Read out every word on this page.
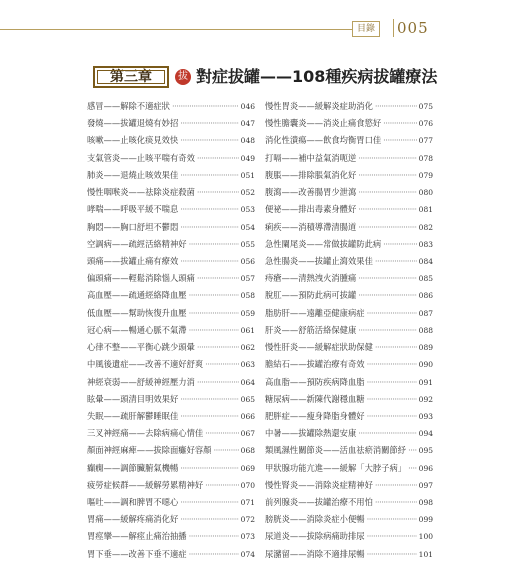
目錄	005
第三章	拔 對症拔罐——108種疾病拔罐療法
感冒——解除不適症狀 ·····	046
發燒——拔罐退燒有妙招 ·····	047
咳嗽——止咳化痰見效快 ·····	048
支氣管炎——止咳平喘有奇效 ·····	049
肺炎——退燒止咳效果佳 ·····	051
慢性咽喉炎——祛除炎症殺菌 ·····	052
哮喘——呼吸平緩不喘息 ·····	053
胸悶——胸口舒坦不鬱悶 ·····	054
空調病——疏經活絡精神好 ·····	055
頭痛——拔罐止痛有療效 ·····	056
偏頭痛——輕鬆消除惱人頭痛 ·····	057
高血壓——疏通經絡降血壓 ·····	058
低血壓——幫助恢復升血壓 ·····	059
冠心病——暢通心脈不氣滯 ·····	061
心律不整——平衡心跳少頭暈 ·····	062
中風後遺症——改善不適好舒爽 ·····	063
神經衰弱——舒緩神經壓力消 ·····	064
眩暈——頭清目明效果好 ·····	065
失眠——疏肝解鬱睡眠佳 ·····	066
三叉神經痛——去除病痛心情佳 ·····	067
顏面神經麻痺——拔除面癱好容顏 ·····	068
癲癇——調節臟腑氣機暢 ·····	069
疲勞症候群——緩解勞累精神好 ·····	070
嘔吐——調和脾胃不噁心 ·····	071
胃痛——緩解疼痛消化好 ·····	072
胃痙攣——解痙止痛治抽播 ·····	073
胃下垂——改善下垂不適症 ·····	074
慢性胃炎——緩解炎症助消化 ·····	075
慢性膽囊炎——消炎止痛食慾好 ·····	076
消化性潰瘍——飲食均衡胃口佳 ·····	077
打嗝——補中益氣消呃逆 ·····	078
腹脹——排除脹氣消化好 ·····	079
腹瀉——改善腸胃少泄瀉 ·····	080
便祕——排出毒素身體好 ·····	081
痢疾——消積導滯清腸道 ·····	082
急性闌尾炎——常做拔罐防此病 ·····	083
急性腸炎——拔罐止瀉效果佳 ·····	084
痔瘡——清熱洩火消腫痛 ·····	085
脫肛——預防此病可拔罐 ·····	086
脂肪肝——遠離亞健康病症 ·····	087
肝炎——舒筋活絡保健康 ·····	088
慢性肝炎——緩解症狀助保健 ·····	089
膽結石——拔罐治療有奇效 ·····	090
高血脂——預防疾病降血脂 ·····	091
糖尿病——新陳代謝穩血糖 ·····	092
肥胖症——瘦身降脂身體好 ·····	093
中暑——拔罐除熱還安康 ·····	094
類風濕性關節炎——活血祛瘀消關節紓 ····· 095
甲狀腺功能亢進——緩解「大脖子病」 ····· 096
慢性腎炎——消除炎症精神好 ·····	097
前列腺炎——拔罐治療不用怕 ·····	098
膀胱炎——消除炎症小便暢 ·····	099
尿道炎——拔除病痛助排尿 ·····	100
尿瀦留——消除不適排尿暢 ·····	101
